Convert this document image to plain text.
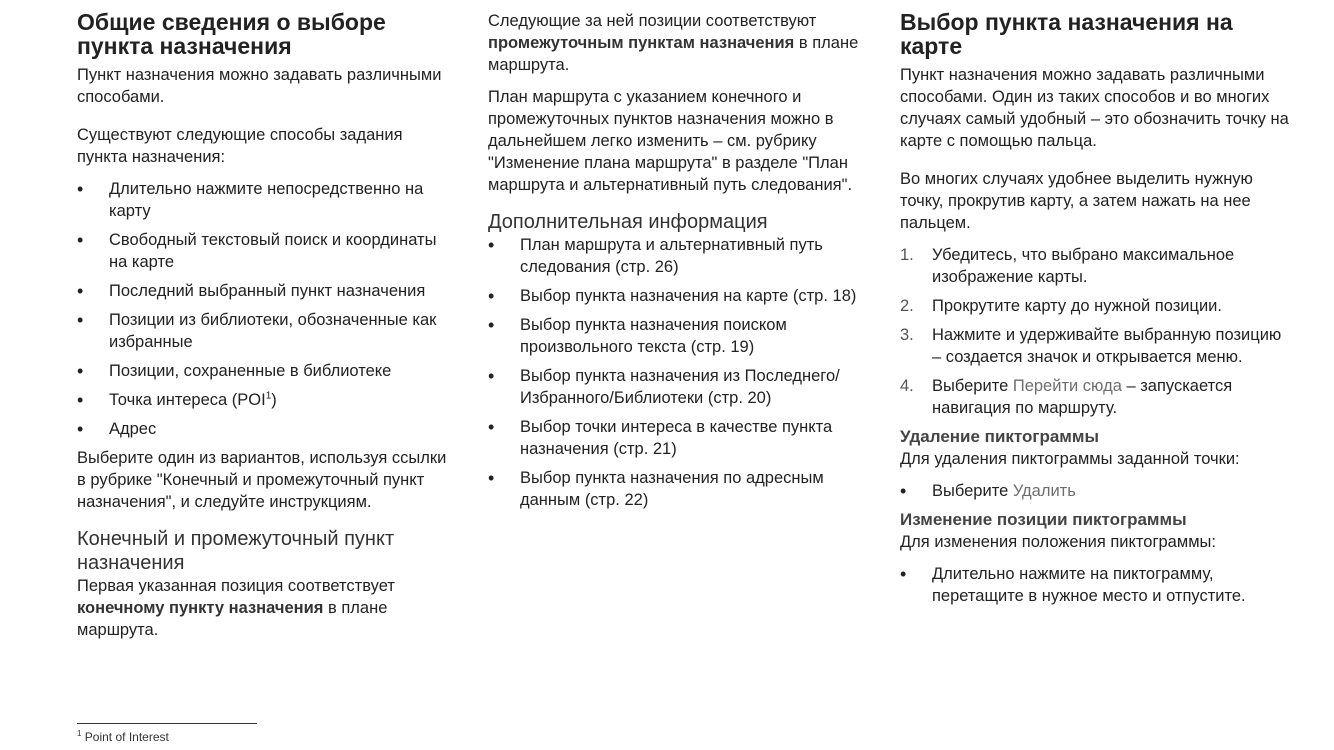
Общие сведения о выборе пункта назначения

Пункт назначения можно задавать различными способами.

Существуют следующие способы задания пункта назначения:

•	Длительно нажмите непосредственно на карту
•	Свободный текстовый поиск и координаты на карте
•	Последний выбранный пункт назначения
•	Позиции из библиотеки, обозначенные как избранные
•	Позиции, сохраненные в библиотеке
•	Точка интереса (POI$^1$)
•	Адрес

Выберите один из вариантов, используя ссылки в рубрике "Конечный и промежуточный пункт назначения", и следуйте инструкциям.

Конечный и промежуточный пункт назначения

Первая указанная позиция соответствует конечному пункту назначения в плане маршрута.

Следующие за ней позиции соответствуют промежуточным пунктам назначения в плане маршрута.

План маршрута с указанием конечного и промежуточных пунктов назначения можно в дальнейшем легко изменить – см. рубрику "Изменение плана маршрута" в разделе "План маршрута и альтернативный путь следования".

Дополнительная информация
•	План маршрута и альтернативный путь следования (стр. 26)
•	Выбор пункта назначения на карте (стр. 18)
•	Выбор пункта назначения поиском произвольного текста (стр. 19)
•	Выбор пункта назначения из Последнего/Избранного/Библиотеки (стр. 20)
•	Выбор точки интереса в качестве пункта назначения (стр. 21)
•	Выбор пункта назначения по адресным данным (стр. 22)
Выбор пункта назначения на карте

Пункт назначения можно задавать различными способами. Один из таких способов и во многих случаях самый удобный – это обозначить точку на карте с помощью пальца.

Во многих случаях удобнее выделить нужную точку, прокрутив карту, а затем нажать на нее пальцем.

1.	Убедитесь, что выбрано максимальное изображение карты.
2.	Прокрутите карту до нужной позиции.
3.	Нажмите и удерживайте выбранную позицию – создается значок и открывается меню.
4.	Выберите Перейти сюда – запускается навигация по маршруту.
Удаление пиктограммы

Для удаления пиктограммы заданной точки:

•	Выберите Удалить
Изменение позиции пиктограммы

Для изменения положения пиктограммы:

•	Длительно нажмите на пиктограмму, перетащите в нужное место и отпустите.
$^1$ Point of Interest
